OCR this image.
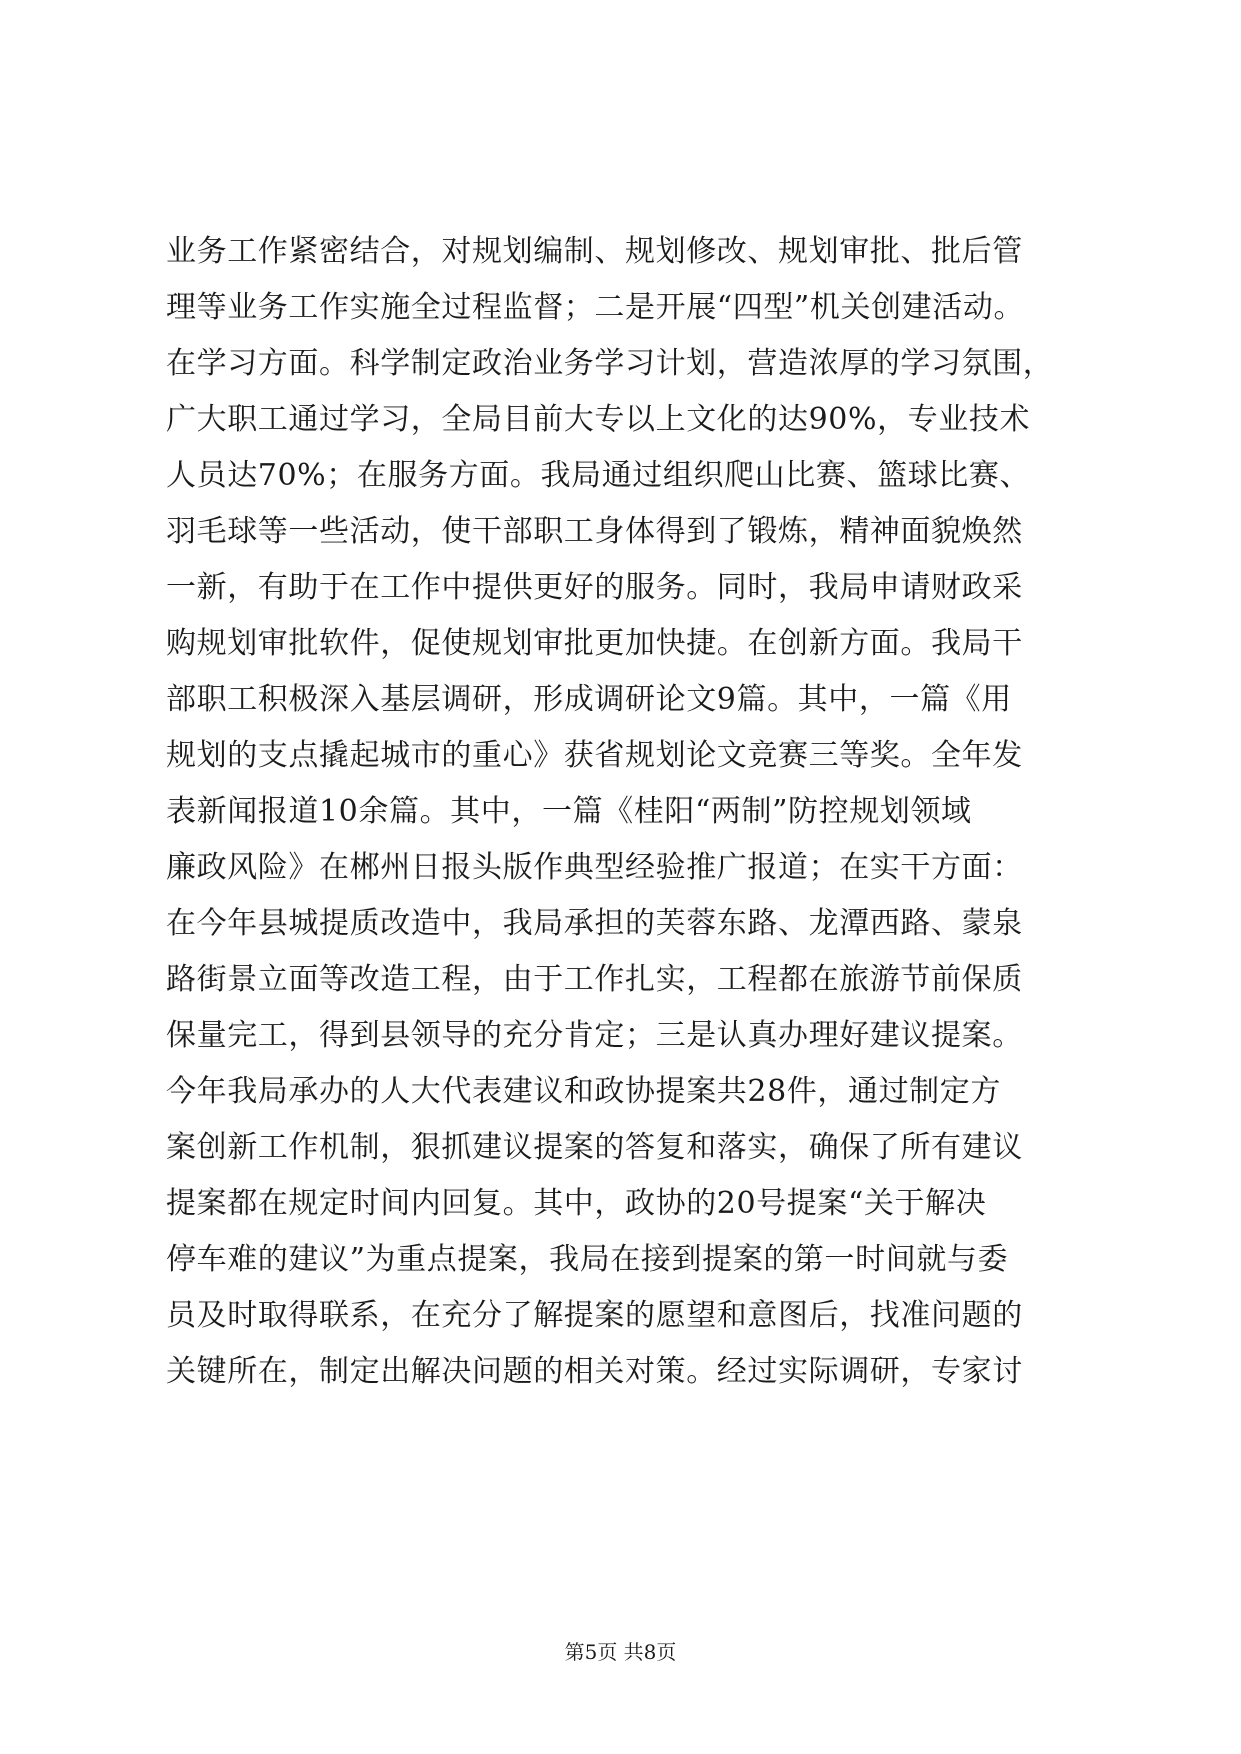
业务工作紧密结合，对规划编制、规划修改、规划审批、批后管
理等业务工作实施全过程监督；二是开展“四型”机关创建活动。
在学习方面。科学制定政治业务学习计划，营造浓厚的学习氛围，
广大职工通过学习，全局目前大专以上文化的达90%，专业技术
人员达70%；在服务方面。我局通过组织爬山比赛、篮球比赛、
羽毛球等一些活动，使干部职工身体得到了锻炼，精神面貌焕然
一新，有助于在工作中提供更好的服务。同时，我局申请财政采
购规划审批软件，促使规划审批更加快捷。在创新方面。我局干
部职工积极深入基层调研，形成调研论文9篇。其中，一篇《用
规划的支点撬起城市的重心》获省规划论文竞赛三等奖。全年发
表新闻报道10余篇。其中，一篇《桂阳“两制”防控规划领域
廉政风险》在郴州日报头版作典型经验推广报道；在实干方面：
在今年县城提质改造中，我局承担的芙蓉东路、龙潭西路、蒙泉
路街景立面等改造工程，由于工作扎实，工程都在旅游节前保质
保量完工，得到县领导的充分肯定；三是认真办理好建议提案。
今年我局承办的人大代表建议和政协提案共28件，通过制定方
案创新工作机制，狠抓建议提案的答复和落实，确保了所有建议
提案都在规定时间内回复。其中，政协的20号提案“关于解决
停车难的建议”为重点提案，我局在接到提案的第一时间就与委
员及时取得联系，在充分了解提案的愿望和意图后，找准问题的
关键所在，制定出解决问题的相关对策。经过实际调研，专家讨
第5页 共8页
